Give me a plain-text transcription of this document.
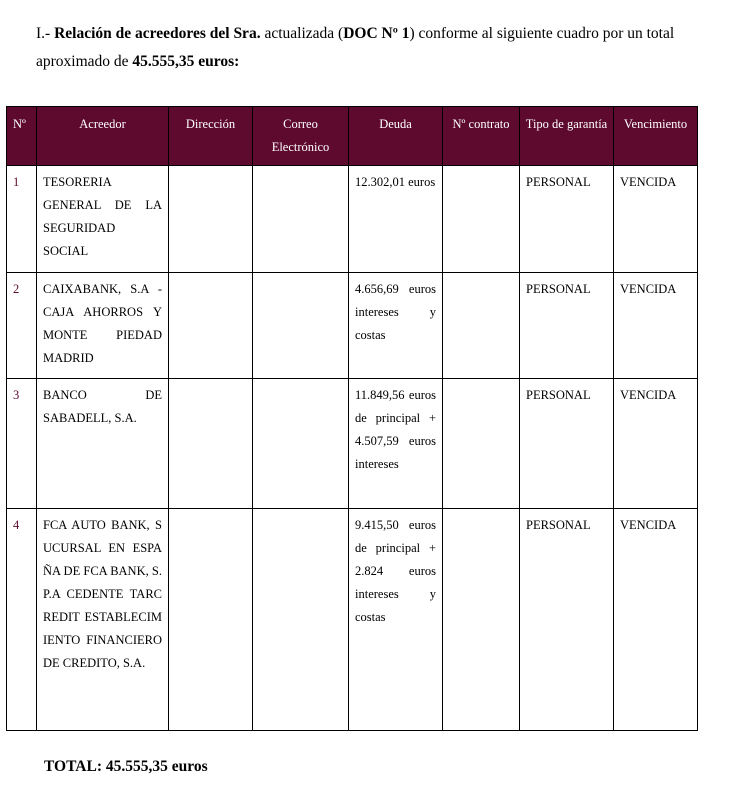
I.- Relación de acreedores del Sra. actualizada (DOC Nº 1) conforme al siguiente cuadro por un total aproximado de 45.555,35 euros:
Nº	Acreedor	Dirección	Correo Electrónico	Deuda	Nº contrato	Tipo de garantía	Vencimiento
1	TESORERIA GENERAL DE LA SEGURIDAD SOCIAL			12.302,01 euros		PERSONAL	VENCIDA
2	CAIXABANK, S.A - CAJA AHORROS Y MONTE PIEDAD MADRID			4.656,69 euros intereses y costas		PERSONAL	VENCIDA
3	BANCO DE SABADELL, S.A.			11.849,56 euros de principal + 4.507,59 euros intereses		PERSONAL	VENCIDA
4	FCA AUTO BANK, SUCURSAL EN ESPAÑA DE FCA BANK, S.P.A CEDENTE TARCREDIT ESTABLECIMIENTO FINANCIERO DE CREDITO, S.A.			9.415,50 euros de principal + 2.824 euros intereses y costas		PERSONAL	VENCIDA
TOTAL: 45.555,35 euros
